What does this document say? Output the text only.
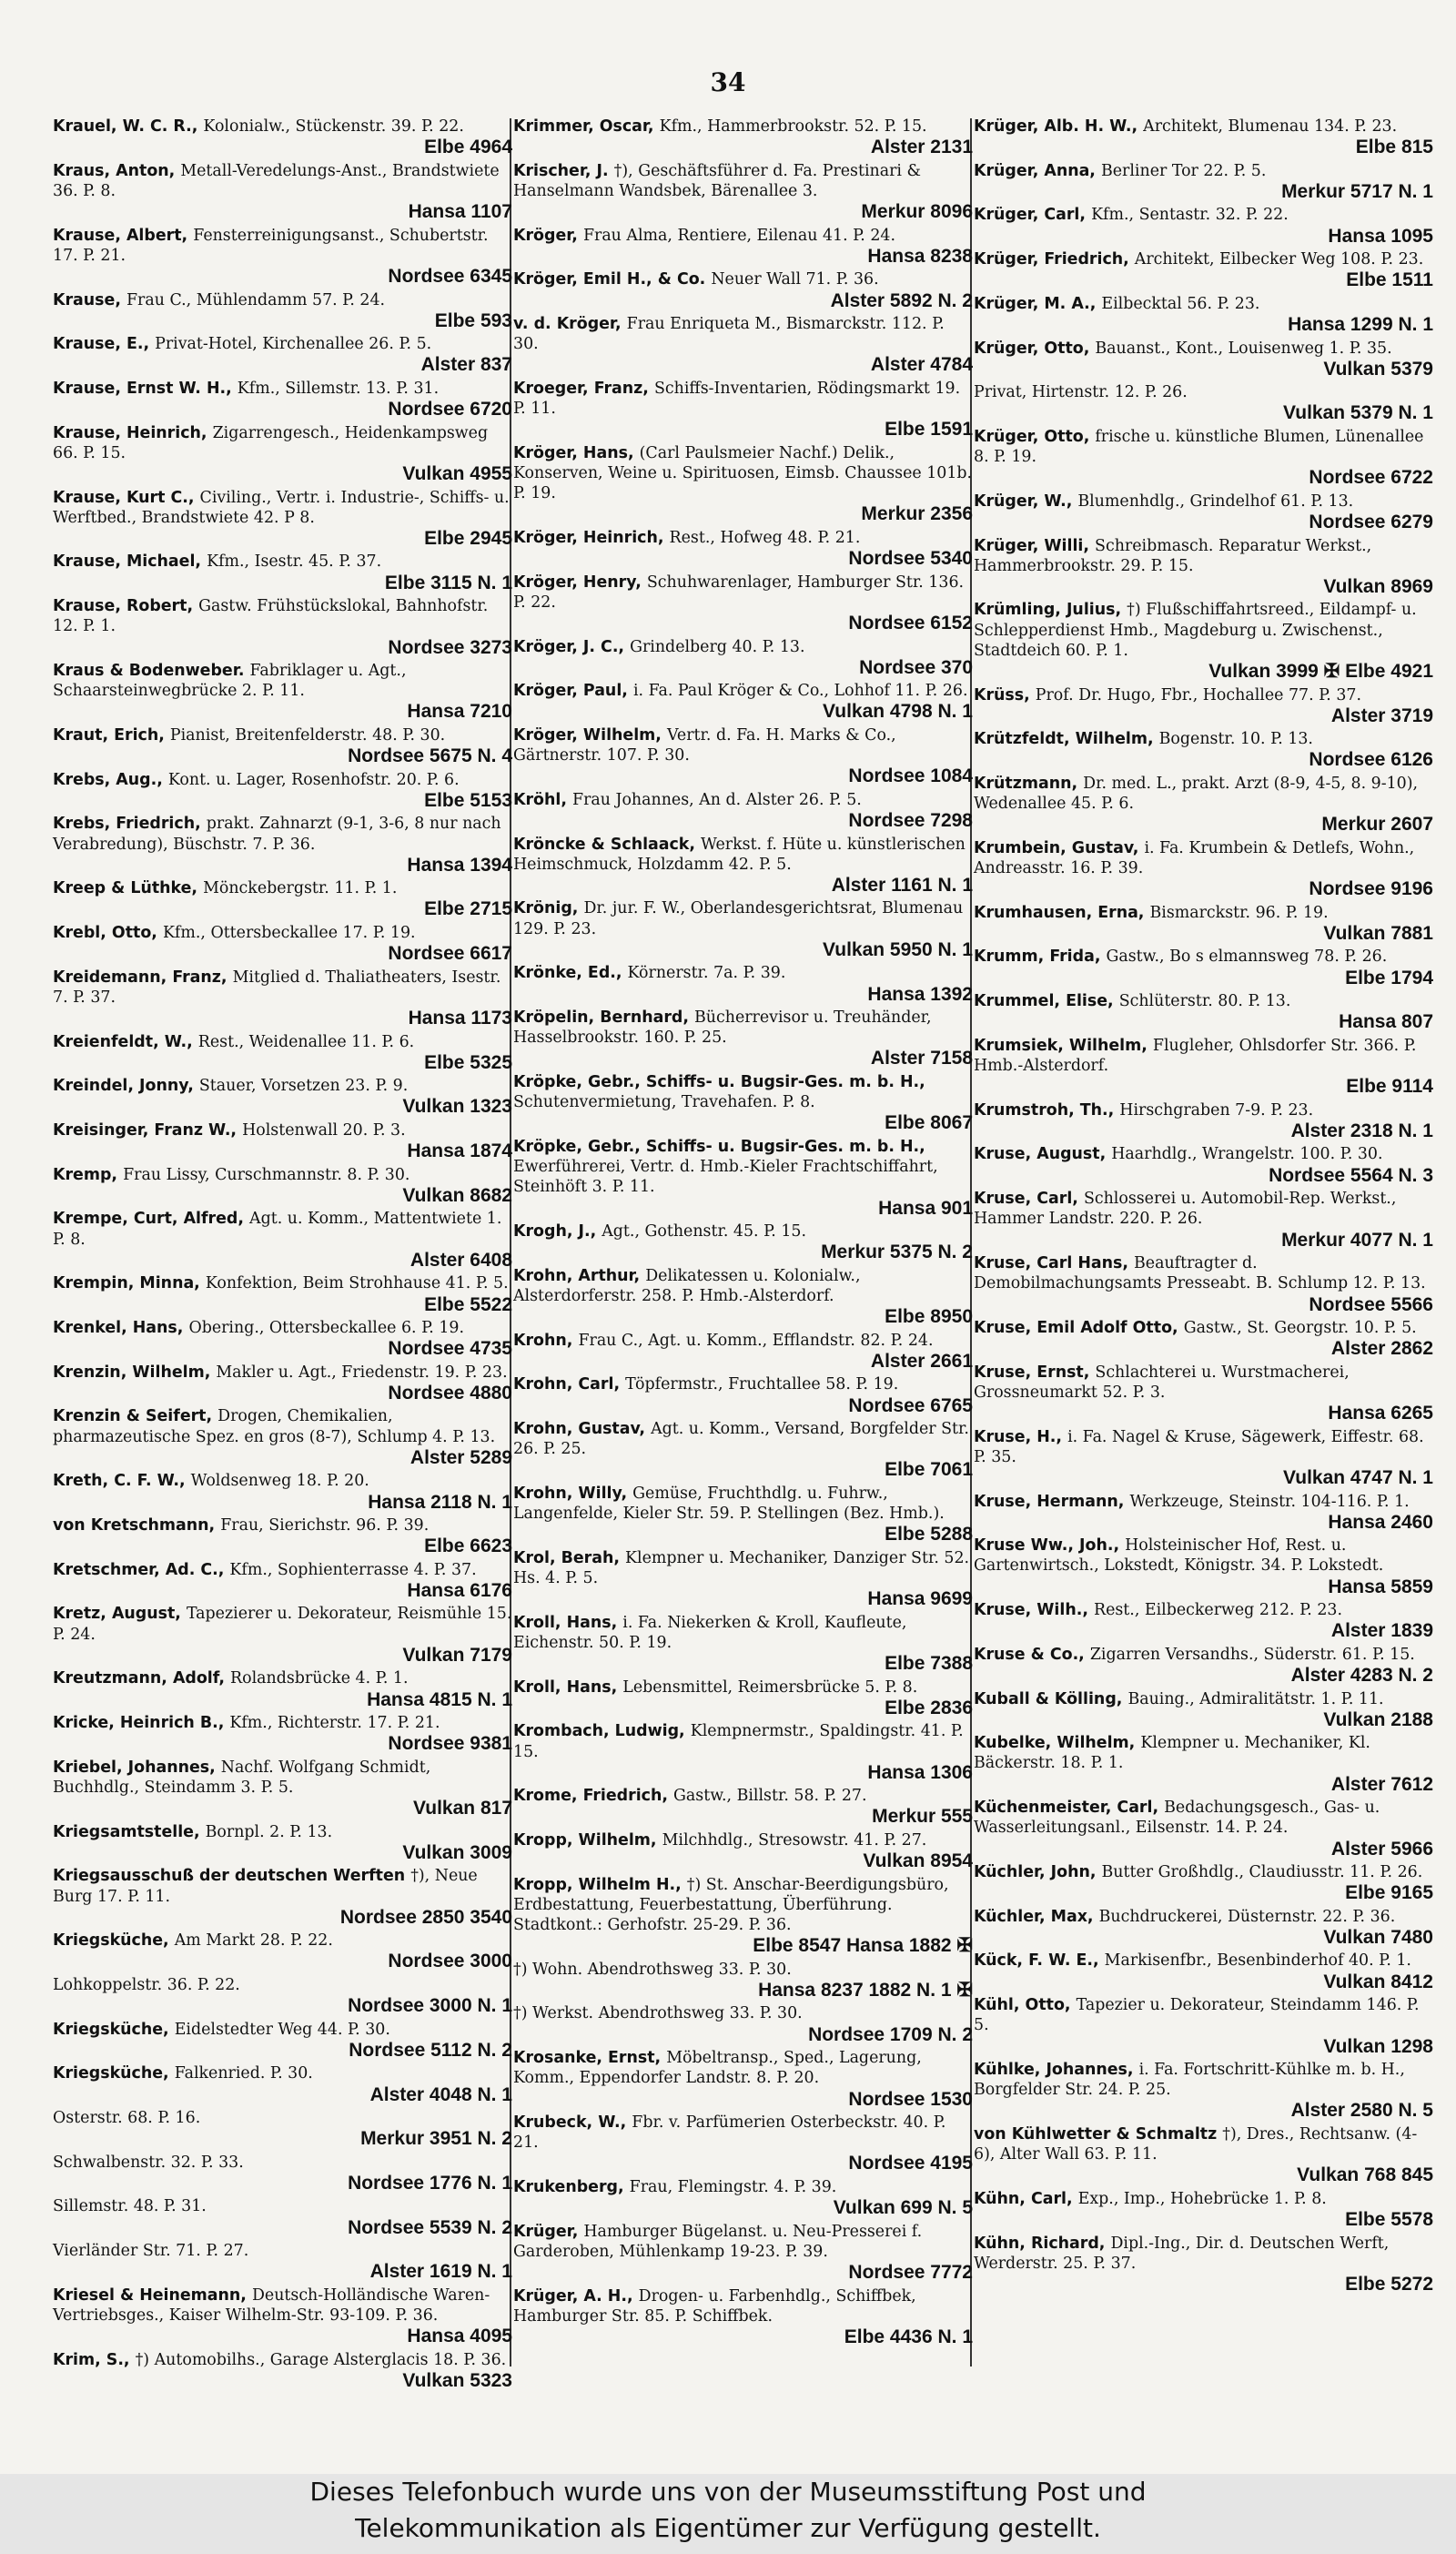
34
Krauel, W. C. R., Kolonialw., Stückenstr. 39. P. 22.
Elbe 4964
Kraus, Anton, Metall-Veredelungs-Anst., Brandstwiete 36. P. 8.
Hansa 1107
Krause, Albert, Fensterreinigungsanst., Schubertstr. 17. P. 21.
Nordsee 6345
Krause, Frau C., Mühlendamm 57. P. 24.
Elbe 593
Krause, E., Privat-Hotel, Kirchenallee 26. P. 5.
Alster 837
Krause, Ernst W. H., Kfm., Sillemstr. 13. P. 31.
Nordsee 6720
Krause, Heinrich, Zigarrengesch., Heidenkampsweg 66. P. 15.
Vulkan 4955
Krause, Kurt C., Civiling., Vertr. i. Industrie-, Schiffs- u. Werftbed., Brandstwiete 42. P 8.
Elbe 2945
Krause, Michael, Kfm., Isestr. 45. P. 37.
Elbe 3115 N. 1
Krause, Robert, Gastw. Frühstückslokal, Bahnhofstr. 12. P. 1.
Nordsee 3273
Kraus & Bodenweber. Fabriklager u. Agt., Schaarsteinwegbrücke 2. P. 11.
Hansa 7210
Kraut, Erich, Pianist, Breitenfelderstr. 48. P. 30.
Nordsee 5675 N. 4
Krebs, Aug., Kont. u. Lager, Rosenhofstr. 20. P. 6.
Elbe 5153
Krebs, Friedrich, prakt. Zahnarzt (9-1, 3-6, 8 nur nach Verabredung), Büschstr. 7. P. 36.
Hansa 1394
Kreep & Lüthke, Mönckebergstr. 11. P. 1.
Elbe 2715
Krebl, Otto, Kfm., Ottersbeckallee 17. P. 19.
Nordsee 6617
Kreidemann, Franz, Mitglied d. Thaliatheaters, Isestr. 7. P. 37.
Hansa 1173
Kreienfeldt, W., Rest., Weidenallee 11. P. 6.
Elbe 5325
Kreindel, Jonny, Stauer, Vorsetzen 23. P. 9.
Vulkan 1323
Kreisinger, Franz W., Holstenwall 20. P. 3.
Hansa 1874
Kremp, Frau Lissy, Curschmannstr. 8. P. 30.
Vulkan 8682
Krempe, Curt, Alfred, Agt. u. Komm., Mattentwiete 1. P. 8.
Alster 6408
Krempin, Minna, Konfektion, Beim Strohhause 41. P. 5.
Elbe 5522
Krenkel, Hans, Obering., Ottersbeckallee 6. P. 19.
Nordsee 4735
Krenzin, Wilhelm, Makler u. Agt., Friedenstr. 19. P. 23.
Nordsee 4880
Krenzin & Seifert, Drogen, Chemikalien, pharmazeutische Spez. en gros (8-7), Schlump 4. P. 13.
Alster 5289
Kreth, C. F. W., Woldsenweg 18. P. 20.
Hansa 2118 N. 1
von Kretschmann, Frau, Sierichstr. 96. P. 39.
Elbe 6623
Kretschmer, Ad. C., Kfm., Sophienterrasse 4. P. 37.
Hansa 6176
Kretz, August, Tapezierer u. Dekorateur, Reismühle 15. P. 24.
Vulkan 7179
Kreutzmann, Adolf, Rolandsbrücke 4. P. 1.
Hansa 4815 N. 1
Kricke, Heinrich B., Kfm., Richterstr. 17. P. 21.
Nordsee 9381
Kriebel, Johannes, Nachf. Wolfgang Schmidt, Buchhdlg., Steindamm 3. P. 5.
Vulkan 817
Kriegsamtstelle, Bornpl. 2. P. 13.
Vulkan 3009
Kriegsausschuß der deutschen Werften †), Neue Burg 17. P. 11.
Nordsee 2850 3540
Kriegsküche, Am Markt 28. P. 22.
Nordsee 3000
Lohkoppelstr. 36. P. 22.
Nordsee 3000 N. 1
Kriegsküche, Eidelstedter Weg 44. P. 30.
Nordsee 5112 N. 2
Kriegsküche, Falkenried. P. 30.
Alster 4048 N. 1
Osterstr. 68. P. 16.
Merkur 3951 N. 2
Schwalbenstr. 32. P. 33.
Nordsee 1776 N. 1
Sillemstr. 48. P. 31.
Nordsee 5539 N. 2
Vierländer Str. 71. P. 27.
Alster 1619 N. 1
Kriesel & Heinemann, Deutsch-Holländische Waren-Vertriebsges., Kaiser Wilhelm-Str. 93-109. P. 36.
Hansa 4095
Krim, S., †) Automobilhs., Garage Alsterglacis 18. P. 36.
Vulkan 5323
Krimmer, Oscar, Kfm., Hammerbrookstr. 52. P. 15.
Alster 2131
Krischer, J. †), Geschäftsführer d. Fa. Prestinari & Hanselmann Wandsbek, Bärenallee 3.
Merkur 8096
Kröger, Frau Alma, Rentiere, Eilenau 41. P. 24.
Hansa 8238
Kröger, Emil H., & Co. Neuer Wall 71. P. 36.
Alster 5892 N. 2
v. d. Kröger, Frau Enriqueta M., Bismarckstr. 112. P. 30.
Alster 4784
Kroeger, Franz, Schiffs-Inventarien, Rödingsmarkt 19. P. 11.
Elbe 1591
Kröger, Hans, (Carl Paulsmeier Nachf.) Delik., Konserven, Weine u. Spirituosen, Eimsb. Chaussee 101b. P. 19.
Merkur 2356
Kröger, Heinrich, Rest., Hofweg 48. P. 21.
Nordsee 5340
Kröger, Henry, Schuhwarenlager, Hamburger Str. 136. P. 22.
Nordsee 6152
Kröger, J. C., Grindelberg 40. P. 13.
Nordsee 370
Kröger, Paul, i. Fa. Paul Kröger & Co., Lohhof 11. P. 26.
Vulkan 4798 N. 1
Kröger, Wilhelm, Vertr. d. Fa. H. Marks & Co., Gärtnerstr. 107. P. 30.
Nordsee 1084
Kröhl, Frau Johannes, An d. Alster 26. P. 5.
Nordsee 7298
Kröncke & Schlaack, Werkst. f. Hüte u. künstlerischen Heimschmuck, Holzdamm 42. P. 5.
Alster 1161 N. 1
Krönig, Dr. jur. F. W., Oberlandesgerichtsrat, Blumenau 129. P. 23.
Vulkan 5950 N. 1
Krönke, Ed., Körnerstr. 7a. P. 39.
Hansa 1392
Kröpelin, Bernhard, Bücherrevisor u. Treuhänder, Hasselbrookstr. 160. P. 25.
Alster 7158
Kröpke, Gebr., Schiffs- u. Bugsir-Ges. m. b. H., Schutenvermietung, Travehafen. P. 8.
Elbe 8067
Kröpke, Gebr., Schiffs- u. Bugsir-Ges. m. b. H., Ewerführerei, Vertr. d. Hmb.-Kieler Frachtschiffahrt, Steinhöft 3. P. 11.
Hansa 901
Krogh, J., Agt., Gothenstr. 45. P. 15.
Merkur 5375 N. 2
Krohn, Arthur, Delikatessen u. Kolonialw., Alsterdorferstr. 258. P. Hmb.-Alsterdorf.
Elbe 8950
Krohn, Frau C., Agt. u. Komm., Efflandstr. 82. P. 24.
Alster 2661
Krohn, Carl, Töpfermstr., Fruchtallee 58. P. 19.
Nordsee 6765
Krohn, Gustav, Agt. u. Komm., Versand, Borgfelder Str. 26. P. 25.
Elbe 7061
Krohn, Willy, Gemüse, Fruchthdlg. u. Fuhrw., Langenfelde, Kieler Str. 59. P. Stellingen (Bez. Hmb.).
Elbe 5288
Krol, Berah, Klempner u. Mechaniker, Danziger Str. 52. Hs. 4. P. 5.
Hansa 9699
Kroll, Hans, i. Fa. Niekerken & Kroll, Kaufleute, Eichenstr. 50. P. 19.
Elbe 7388
Kroll, Hans, Lebensmittel, Reimersbrücke 5. P. 8.
Elbe 2836
Krombach, Ludwig, Klempnermstr., Spaldingstr. 41. P. 15.
Hansa 1306
Krome, Friedrich, Gastw., Billstr. 58. P. 27.
Merkur 555
Kropp, Wilhelm, Milchhdlg., Stresowstr. 41. P. 27.
Vulkan 8954
Kropp, Wilhelm H., †) St. Anschar-Beerdigungsbüro, Erdbestattung, Feuerbestattung, Überführung. Stadtkont.: Gerhofstr. 25-29. P. 36.
Elbe 8547 Hansa 1882 ✠
†) Wohn. Abendrothsweg 33. P. 30.
Hansa 8237 1882 N. 1 ✠
†) Werkst. Abendrothsweg 33. P. 30.
Nordsee 1709 N. 2
Krosanke, Ernst, Möbeltransp., Sped., Lagerung, Komm., Eppendorfer Landstr. 8. P. 20.
Nordsee 1530
Krubeck, W., Fbr. v. Parfümerien Osterbeckstr. 40. P. 21.
Nordsee 4195
Krukenberg, Frau, Flemingstr. 4. P. 39.
Vulkan 699 N. 5
Krüger, Hamburger Bügelanst. u. Neu-Presserei f. Garderoben, Mühlenkamp 19-23. P. 39.
Nordsee 7772
Krüger, A. H., Drogen- u. Farbenhdlg., Schiffbek, Hamburger Str. 85. P. Schiffbek.
Elbe 4436 N. 1
Krüger, Alb. H. W., Architekt, Blumenau 134. P. 23.
Elbe 815
Krüger, Anna, Berliner Tor 22. P. 5.
Merkur 5717 N. 1
Krüger, Carl, Kfm., Sentastr. 32. P. 22.
Hansa 1095
Krüger, Friedrich, Architekt, Eilbecker Weg 108. P. 23.
Elbe 1511
Krüger, M. A., Eilbecktal 56. P. 23.
Hansa 1299 N. 1
Krüger, Otto, Bauanst., Kont., Louisenweg 1. P. 35.
Vulkan 5379
Privat, Hirtenstr. 12. P. 26.
Vulkan 5379 N. 1
Krüger, Otto, frische u. künstliche Blumen, Lünenallee 8. P. 19.
Nordsee 6722
Krüger, W., Blumenhdlg., Grindelhof 61. P. 13.
Nordsee 6279
Krüger, Willi, Schreibmasch. Reparatur Werkst., Hammerbrookstr. 29. P. 15.
Vulkan 8969
Krümling, Julius, †) Flußschiffahrtsreed., Eildampf- u. Schlepperdienst Hmb., Magdeburg u. Zwischenst., Stadtdeich 60. P. 1.
Vulkan 3999 ✠ Elbe 4921
Krüss, Prof. Dr. Hugo, Fbr., Hochallee 77. P. 37.
Alster 3719
Krützfeldt, Wilhelm, Bogenstr. 10. P. 13.
Nordsee 6126
Krützmann, Dr. med. L., prakt. Arzt (8-9, 4-5, 8. 9-10), Wedenallee 45. P. 6.
Merkur 2607
Krumbein, Gustav, i. Fa. Krumbein & Detlefs, Wohn., Andreasstr. 16. P. 39.
Nordsee 9196
Krumhausen, Erna, Bismarckstr. 96. P. 19.
Vulkan 7881
Krumm, Frida, Gastw., Bo s elmannsweg 78. P. 26.
Elbe 1794
Krummel, Elise, Schlüterstr. 80. P. 13.
Hansa 807
Krumsiek, Wilhelm, Flugleher, Ohlsdorfer Str. 366. P. Hmb.-Alsterdorf.
Elbe 9114
Krumstroh, Th., Hirschgraben 7-9. P. 23.
Alster 2318 N. 1
Kruse, August, Haarhdlg., Wrangelstr. 100. P. 30.
Nordsee 5564 N. 3
Kruse, Carl, Schlosserei u. Automobil-Rep. Werkst., Hammer Landstr. 220. P. 26.
Merkur 4077 N. 1
Kruse, Carl Hans, Beauftragter d. Demobilmachungsamts Presseabt. B. Schlump 12. P. 13.
Nordsee 5566
Kruse, Emil Adolf Otto, Gastw., St. Georgstr. 10. P. 5.
Alster 2862
Kruse, Ernst, Schlachterei u. Wurstmacherei, Grossneumarkt 52. P. 3.
Hansa 6265
Kruse, H., i. Fa. Nagel & Kruse, Sägewerk, Eiffestr. 68. P. 35.
Vulkan 4747 N. 1
Kruse, Hermann, Werkzeuge, Steinstr. 104-116. P. 1.
Hansa 2460
Kruse Ww., Joh., Holsteinischer Hof, Rest. u. Gartenwirtsch., Lokstedt, Königstr. 34. P. Lokstedt.
Hansa 5859
Kruse, Wilh., Rest., Eilbeckerweg 212. P. 23.
Alster 1839
Kruse & Co., Zigarren Versandhs., Süderstr. 61. P. 15.
Alster 4283 N. 2
Kuball & Kölling, Bauing., Admiralitätstr. 1. P. 11.
Vulkan 2188
Kubelke, Wilhelm, Klempner u. Mechaniker, Kl. Bäckerstr. 18. P. 1.
Alster 7612
Küchenmeister, Carl, Bedachungsgesch., Gas- u. Wasserleitungsanl., Eilsenstr. 14. P. 24.
Alster 5966
Küchler, John, Butter Großhdlg., Claudiusstr. 11. P. 26.
Elbe 9165
Küchler, Max, Buchdruckerei, Düsternstr. 22. P. 36.
Vulkan 7480
Kück, F. W. E., Markisenfbr., Besenbinderhof 40. P. 1.
Vulkan 8412
Kühl, Otto, Tapezier u. Dekorateur, Steindamm 146. P. 5.
Vulkan 1298
Kühlke, Johannes, i. Fa. Fortschritt-Kühlke m. b. H., Borgfelder Str. 24. P. 25.
Alster 2580 N. 5
von Kühlwetter & Schmaltz †), Dres., Rechtsanw. (4-6), Alter Wall 63. P. 11.
Vulkan 768 845
Kühn, Carl, Exp., Imp., Hohebrücke 1. P. 8.
Elbe 5578
Kühn, Richard, Dipl.-Ing., Dir. d. Deutschen Werft, Werderstr. 25. P. 37.
Elbe 5272
Dieses Telefonbuch wurde uns von der Museumsstiftung Post und
Telekommunikation als Eigentümer zur Verfügung gestellt.
